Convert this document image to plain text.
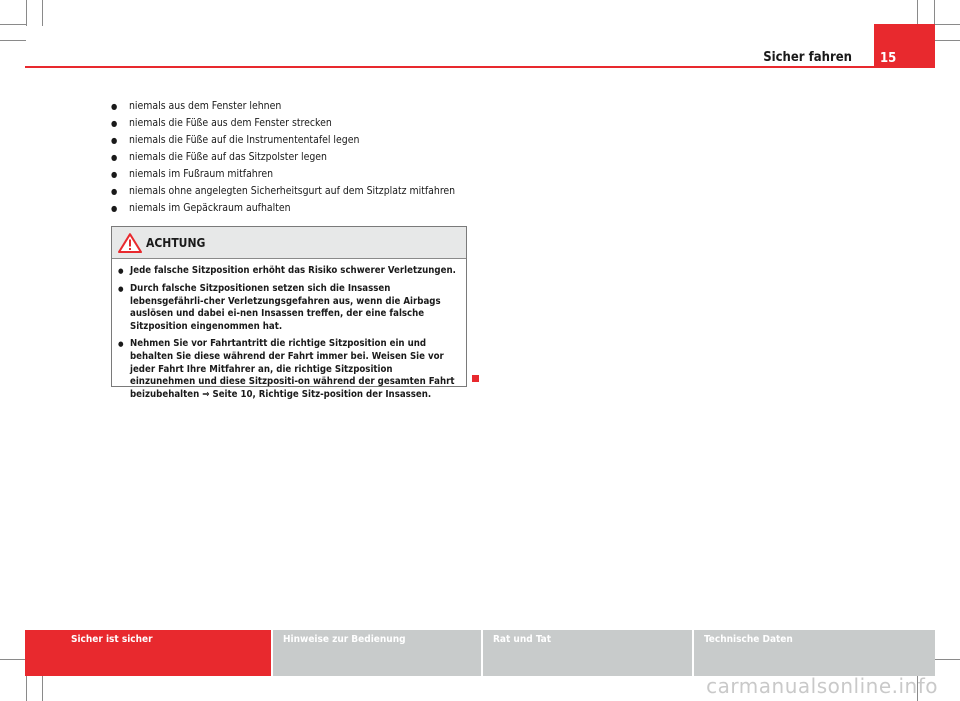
15
Sicher fahren
● niemals aus dem Fenster lehnen
● niemals die Füße aus dem Fenster strecken
● niemals die Füße auf die Instrumententafel legen
● niemals die Füße auf das Sitzpolster legen
● niemals im Fußraum mitfahren
● niemals ohne angelegten Sicherheitsgurt auf dem Sitzplatz mitfahren
● niemals im Gepäckraum aufhalten
ACHTUNG
● Jede falsche Sitzposition erhöht das Risiko schwerer Verletzungen.
● Durch falsche Sitzpositionen setzen sich die Insassen lebensgefährli-cher Verletzungsgefahren aus, wenn die Airbags auslösen und dabei ei-nen Insassen treffen, der eine falsche Sitzposition eingenommen hat.
● Nehmen Sie vor Fahrtantritt die richtige Sitzposition ein und behalten Sie diese während der Fahrt immer bei. Weisen Sie vor jeder Fahrt Ihre Mitfahrer an, die richtige Sitzposition einzunehmen und diese Sitzpositi-on während der gesamten Fahrt beizubehalten ⇒ Seite 10, Richtige Sitz-position der Insassen.
Sicher ist sicher	Hinweise zur Bedienung	Rat und Tat	Technische Daten
carmanualsonline.info
